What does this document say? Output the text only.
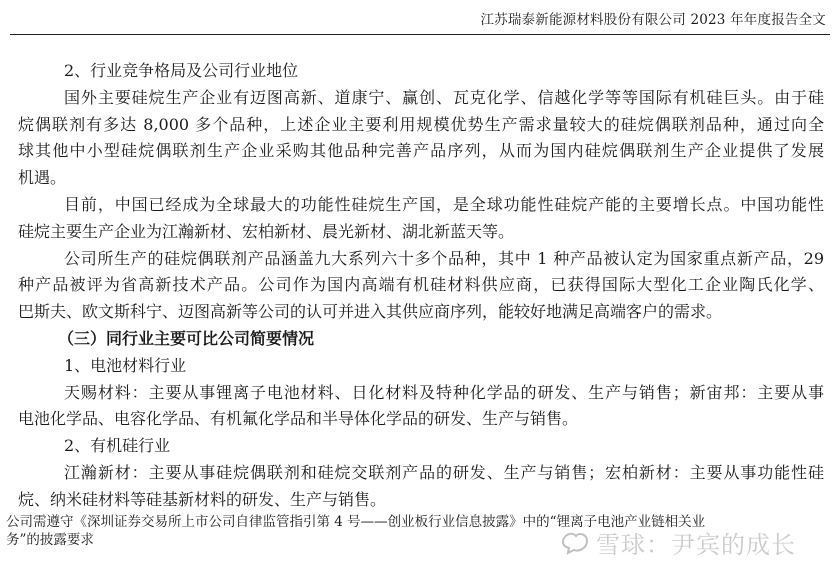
江苏瑞泰新能源材料股份有限公司 2023 年年度报告全文
2、行业竞争格局及公司行业地位
国外主要硅烷生产企业有迈图高新、道康宁、赢创、瓦克化学、信越化学等等国际有机硅巨头。由于硅
烷偶联剂有多达 8,000 多个品种，上述企业主要利用规模优势生产需求量较大的硅烷偶联剂品种，通过向全
球其他中小型硅烷偶联剂生产企业采购其他品种完善产品序列，从而为国内硅烷偶联剂生产企业提供了发展
机遇。
目前，中国已经成为全球最大的功能性硅烷生产国，是全球功能性硅烷产能的主要增长点。中国功能性
硅烷主要生产企业为江瀚新材、宏柏新材、晨光新材、湖北新蓝天等。
公司所生产的硅烷偶联剂产品涵盖九大系列六十多个品种，其中 1 种产品被认定为国家重点新产品，29
种产品被评为省高新技术产品。公司作为国内高端有机硅材料供应商，已获得国际大型化工企业陶氏化学、
巴斯夫、欧文斯科宁、迈图高新等公司的认可并进入其供应商序列，能较好地满足高端客户的需求。
（三）同行业主要可比公司简要情况
1、电池材料行业
天赐材料：主要从事锂离子电池材料、日化材料及特种化学品的研发、生产与销售；新宙邦：主要从事
电池化学品、电容化学品、有机氟化学品和半导体化学品的研发、生产与销售。
2、有机硅行业
江瀚新材：主要从事硅烷偶联剂和硅烷交联剂产品的研发、生产与销售；宏柏新材：主要从事功能性硅
烷、纳米硅材料等硅基新材料的研发、生产与销售。
公司需遵守《深圳证券交易所上市公司自律监管指引第 4 号——创业板行业信息披露》中的“锂离子电池产业链相关业
务”的披露要求	雪球：尹宾的成长
